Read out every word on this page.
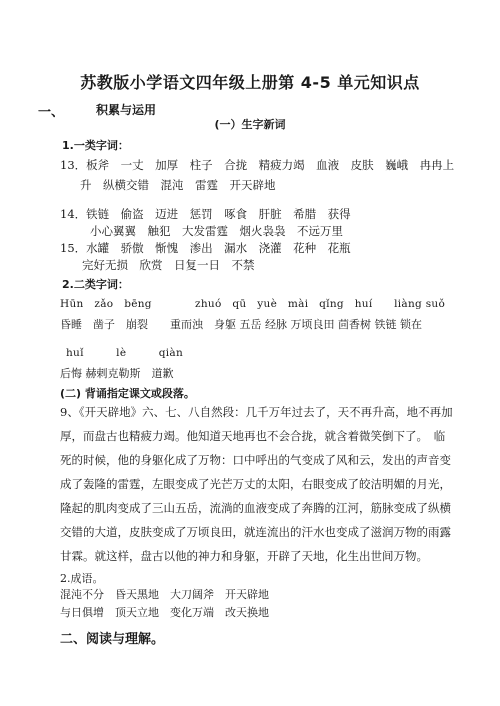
苏教版小学语文四年级上册第 4-5 单元知识点
一、	积累与运用
(一）生字新词
1.一类字词：
13．板斧　一丈　加厚　柱子　合拢　精疲力竭　血液　皮肤　巍峨　冉冉上
升　纵横交错　混沌　雷霆　开天辟地
14．铁链　偷盗　迈进　惩罚　啄食　肝脏　希腊　获得
小心翼翼　触犯　大发雷霆　烟火袅袅　不远万里
15．水罐　骄傲　惭愧　渗出　漏水　浇灌　花种　花瓶
完好无损　欣赏　日复一日　不禁
2.二类字词：
Hūn　zǎo　bēng　　　　zhuó　qū　yuè　mài　qǐng　huí　　liàng suǒ
昏睡　凿子　崩裂　　重而浊　身躯 五岳 经脉 万顷良田 茴香树 铁链 锁在
huǐ　　　lè　　　qiàn
后悔 赫剌克勒斯　道歉
(二) 背诵指定课文或段落。
9、《开天辟地》六、七、八自然段：几千万年过去了，天不再升高，地不再加
厚，而盘古也精疲力竭。他知道天地再也不会合拢，就含着微笑倒下了。　临
死的时候，他的身躯化成了万物：口中呼出的气变成了风和云，发出的声音变
成了轰隆的雷霆，左眼变成了光芒万丈的太阳，右眼变成了皎洁明媚的月光，
隆起的肌肉变成了三山五岳，流淌的血液变成了奔腾的江河，筋脉变成了纵横
交错的大道，皮肤变成了万顷良田，就连流出的汗水也变成了滋润万物的雨露
甘霖。就这样，盘古以他的神力和身躯，开辟了天地，化生出世间万物。
2.成语。
混沌不分　昏天黑地　大刀阔斧　开天辟地
与日俱增　顶天立地　变化万端　改天换地
二、阅读与理解。
